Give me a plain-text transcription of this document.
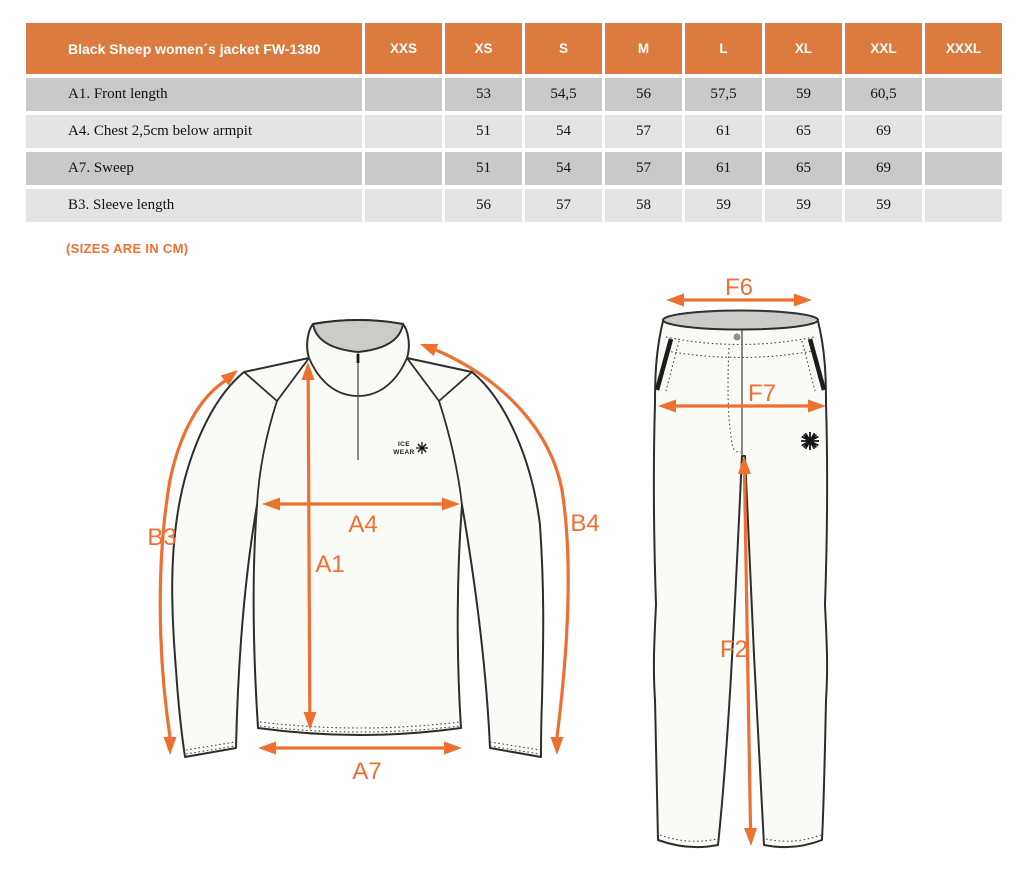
Black Sheep women´s jacket FW-1380	XXS	XS	S	M	L	XL	XXL	XXXL
A1. Front length		53	54,5	56	57,5	59	60,5	
A4. Chest 2,5cm below armpit		51	54	57	61	65	69	
A7. Sweep		51	54	57	61	65	69	
B3. Sleeve length		56	57	58	59	59	59	
(SIZES ARE IN CM)
ICE
WEAR
B3	A4
A1
B4
A7
F6
F7
F2
